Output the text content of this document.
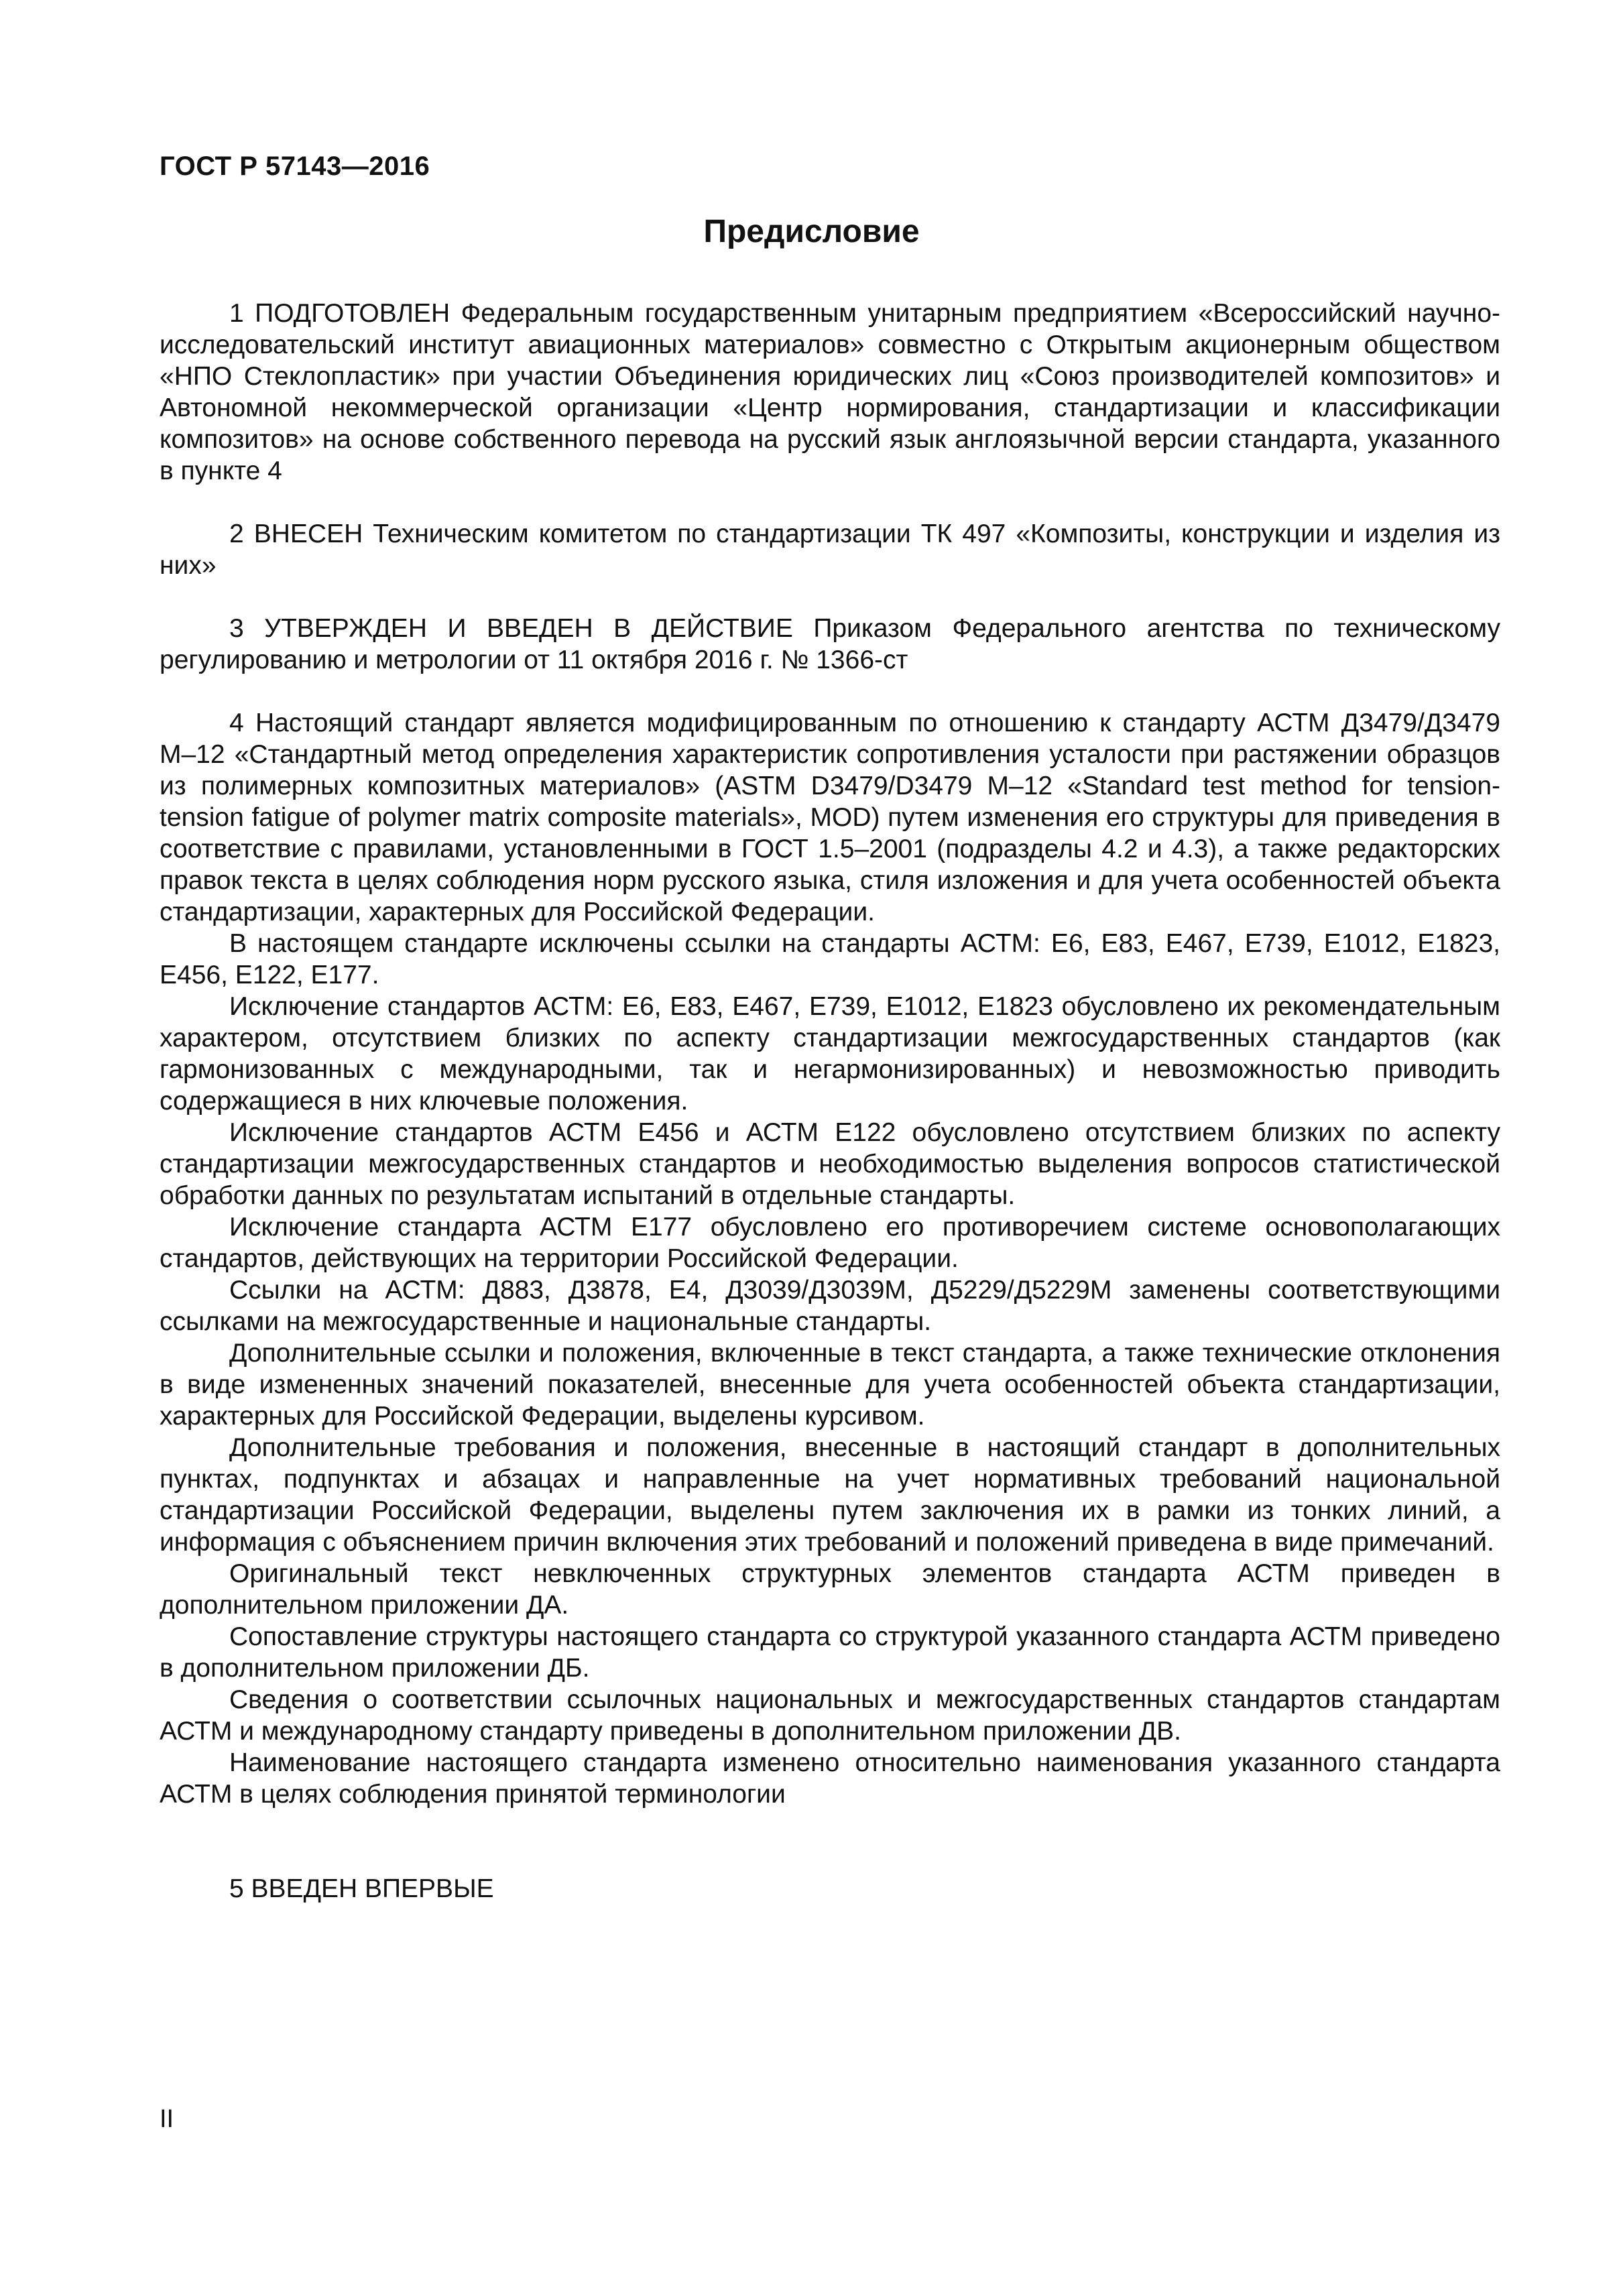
ГОСТ Р 57143—2016
Предисловие

1 ПОДГОТОВЛЕН Федеральным государственным унитарным предприятием «Всероссийский научно-исследовательский институт авиационных материалов» совместно с Открытым акционерным обществом «НПО Стеклопластик» при участии Объединения юридических лиц «Союз производителей композитов» и Автономной некоммерческой организации «Центр нормирования, стандартизации и классификации композитов» на основе собственного перевода на русский язык англоязычной версии стандарта, указанного в пункте 4

2 ВНЕСЕН Техническим комитетом по стандартизации ТК 497 «Композиты, конструкции и изделия из них»

3 УТВЕРЖДЕН И ВВЕДЕН В ДЕЙСТВИЕ Приказом Федерального агентства по техническому регулированию и метрологии от 11 октября 2016 г. № 1366-ст

4 Настоящий стандарт является модифицированным по отношению к стандарту АСТМ Д3479/Д3479 М–12 «Стандартный метод определения характеристик сопротивления усталости при растяжении образцов из полимерных композитных материалов» (ASTM D3479/D3479 M–12 «Standard test method for tension-tension fatigue of polymer matrix composite materials», MOD) путем изменения его структуры для приведения в соответствие с правилами, установленными в ГОСТ 1.5–2001 (подразделы 4.2 и 4.3), а также редакторских правок текста в целях соблюдения норм русского языка, стиля изложения и для учета особенностей объекта стандартизации, характерных для Российской Федерации.

В настоящем стандарте исключены ссылки на стандарты АСТМ: Е6, Е83, Е467, Е739, Е1012, Е1823, Е456, Е122, Е177.

Исключение стандартов АСТМ: Е6, Е83, Е467, Е739, Е1012, Е1823 обусловлено их рекомендательным характером, отсутствием близких по аспекту стандартизации межгосударственных стандартов (как гармонизованных с международными, так и негармонизированных) и невозможностью приводить содержащиеся в них ключевые положения.

Исключение стандартов АСТМ Е456 и АСТМ Е122 обусловлено отсутствием близких по аспекту стандартизации межгосударственных стандартов и необходимостью выделения вопросов статистической обработки данных по результатам испытаний в отдельные стандарты.

Исключение стандарта АСТМ Е177 обусловлено его противоречием системе основополагающих стандартов, действующих на территории Российской Федерации.

Ссылки на АСТМ: Д883, Д3878, Е4, Д3039/Д3039М, Д5229/Д5229М заменены соответствующими ссылками на межгосударственные и национальные стандарты.

Дополнительные ссылки и положения, включенные в текст стандарта, а также технические отклонения в виде измененных значений показателей, внесенные для учета особенностей объекта стандартизации, характерных для Российской Федерации, выделены курсивом.

Дополнительные требования и положения, внесенные в настоящий стандарт в дополнительных пунктах, подпунктах и абзацах и направленные на учет нормативных требований национальной стандартизации Российской Федерации, выделены путем заключения их в рамки из тонких линий, а информация с объяснением причин включения этих требований и положений приведена в виде примечаний.

Оригинальный текст невключенных структурных элементов стандарта АСТМ приведен в дополнительном приложении ДА.

Сопоставление структуры настоящего стандарта со структурой указанного стандарта АСТМ приведено в дополнительном приложении ДБ.

Сведения о соответствии ссылочных национальных и межгосударственных стандартов стандартам АСТМ и международному стандарту приведены в дополнительном приложении ДВ.

Наименование настоящего стандарта изменено относительно наименования указанного стандарта АСТМ в целях соблюдения принятой терминологии

5 ВВЕДЕН ВПЕРВЫЕ

II
